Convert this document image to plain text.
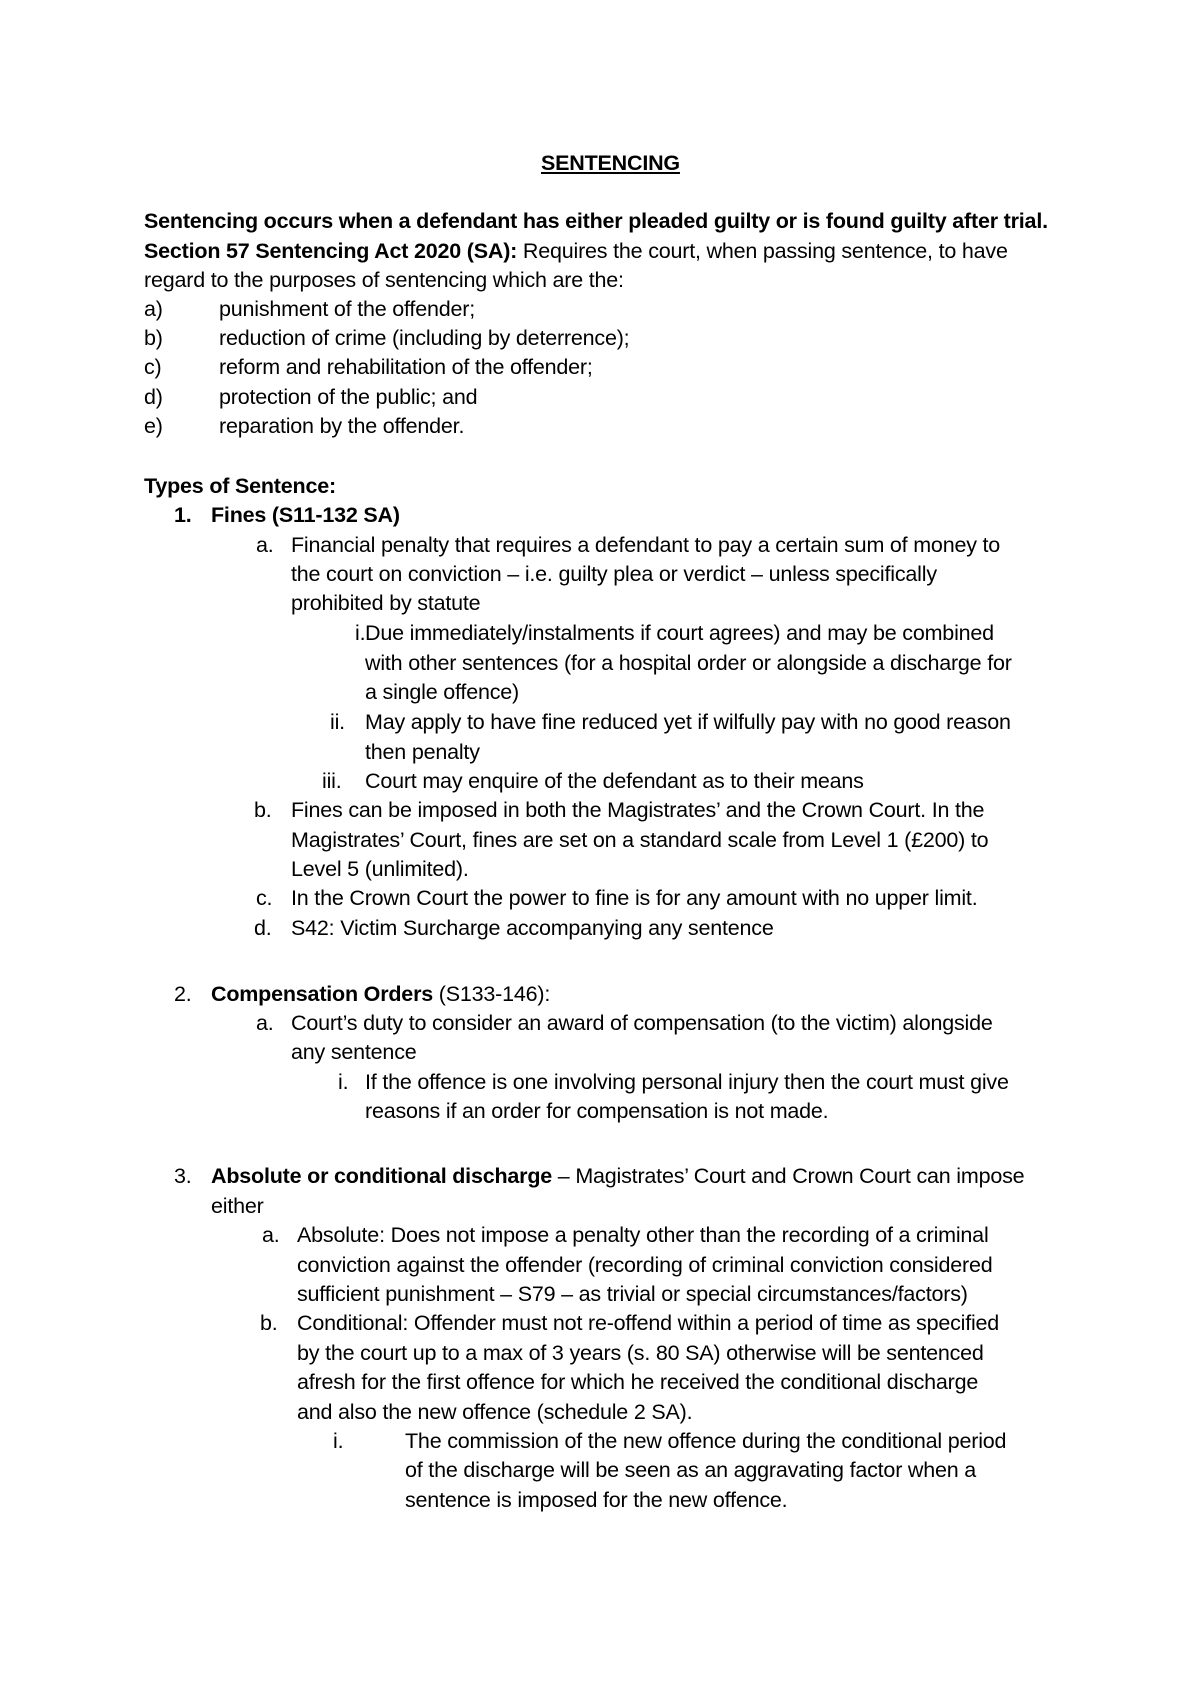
SENTENCING
Sentencing occurs when a defendant has either pleaded guilty or is found guilty after trial.
Section 57 Sentencing Act 2020 (SA): Requires the court, when passing sentence, to have
regard to the purposes of sentencing which are the:
a)	punishment of the offender;
b)	reduction of crime (including by deterrence);
c)	reform and rehabilitation of the offender;
d)	protection of the public; and
e)	reparation by the offender.
Types of Sentence:
1. Fines (S11-132 SA)
a. Financial penalty that requires a defendant to pay a certain sum of money to
the court on conviction – i.e. guilty plea or verdict – unless specifically
prohibited by statute
i. Due immediately/instalments if court agrees) and may be combined
with other sentences (for a hospital order or alongside a discharge for
a single offence)
ii. May apply to have fine reduced yet if wilfully pay with no good reason
then penalty
iii. Court may enquire of the defendant as to their means
b. Fines can be imposed in both the Magistrates’ and the Crown Court. In the
Magistrates’ Court, fines are set on a standard scale from Level 1 (£200) to
Level 5 (unlimited).
c. In the Crown Court the power to fine is for any amount with no upper limit.
d. S42: Victim Surcharge accompanying any sentence
2. Compensation Orders (S133-146):
a. Court’s duty to consider an award of compensation (to the victim) alongside
any sentence
i. If the offence is one involving personal injury then the court must give
reasons if an order for compensation is not made.
3. Absolute or conditional discharge – Magistrates’ Court and Crown Court can impose
either
a. Absolute: Does not impose a penalty other than the recording of a criminal
conviction against the offender (recording of criminal conviction considered
sufficient punishment – S79 – as trivial or special circumstances/factors)
b. Conditional: Offender must not re-offend within a period of time as specified
by the court up to a max of 3 years (s. 80 SA) otherwise will be sentenced
afresh for the first offence for which he received the conditional discharge
and also the new offence (schedule 2 SA).
i.	The commission of the new offence during the conditional period
of the discharge will be seen as an aggravating factor when a
sentence is imposed for the new offence.
